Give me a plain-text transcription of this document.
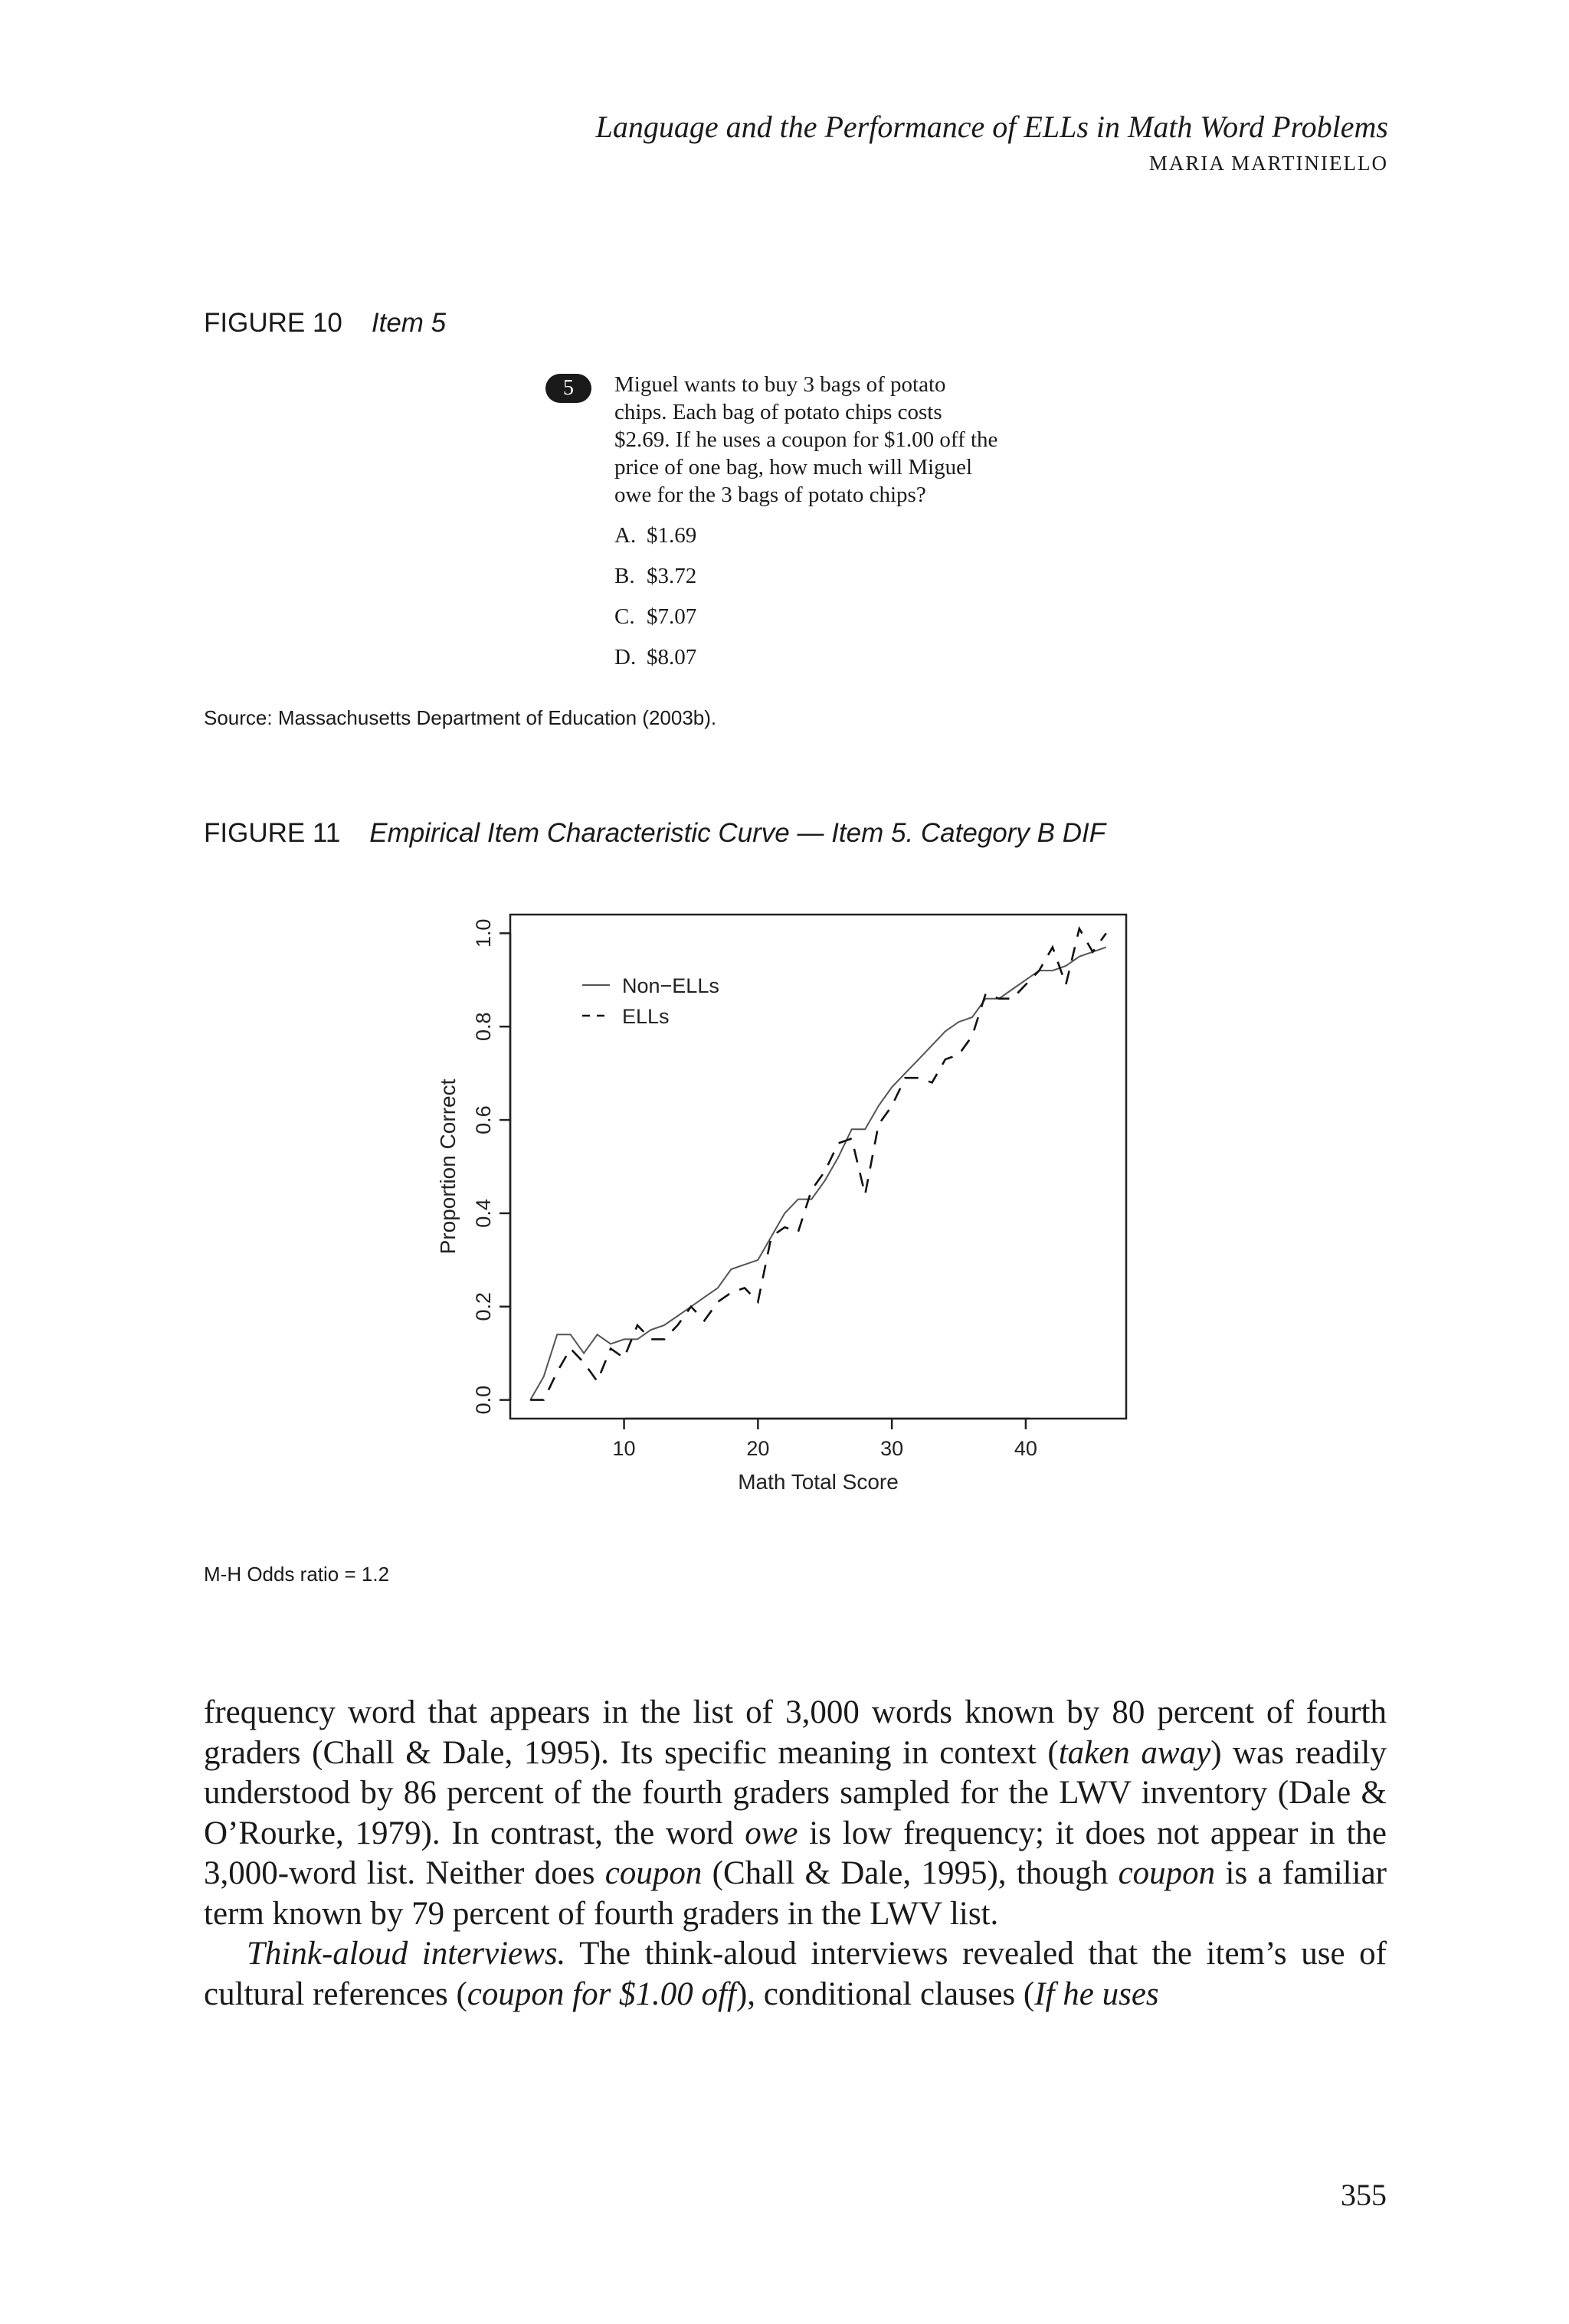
Language and the Performance of ELLs in Math Word Problems
MARIA MARTINIELLO
FIGURE 10 Item 5
5	Miguel wants to buy 3 bags of potato
chips. Each bag of potato chips costs
$2.69. If he uses a coupon for $1.00 off the
price of one bag, how much will Miguel
owe for the 3 bags of potato chips?
A. $1.69
B. $3.72
C. $7.07
D. $8.07
Source: Massachusetts Department of Education (2003b).
FIGURE 11 Empirical Item Characteristic Curve — Item 5. Category B DIF
10	20	30	40
0.0
0.2
0.4
0.6
0.8
1.0
Non−ELLs
ELLs
Math Total Score
Proportion Correct
M-H Odds ratio = 1.2

frequency word that appears in the list of 3,000 words known by 80 percent of fourth graders (Chall & Dale, 1995). Its specific meaning in context (taken away) was readily understood by 86 percent of the fourth graders sampled for the LWV inventory (Dale & O’Rourke, 1979). In contrast, the word owe is low frequency; it does not appear in the 3,000-word list. Neither does coupon (Chall & Dale, 1995), though coupon is a familiar term known by 79 percent of fourth graders in the LWV list.

Think-aloud interviews. The think-aloud interviews revealed that the item’s use of cultural references (coupon for $1.00 off), conditional clauses (If he uses

355
